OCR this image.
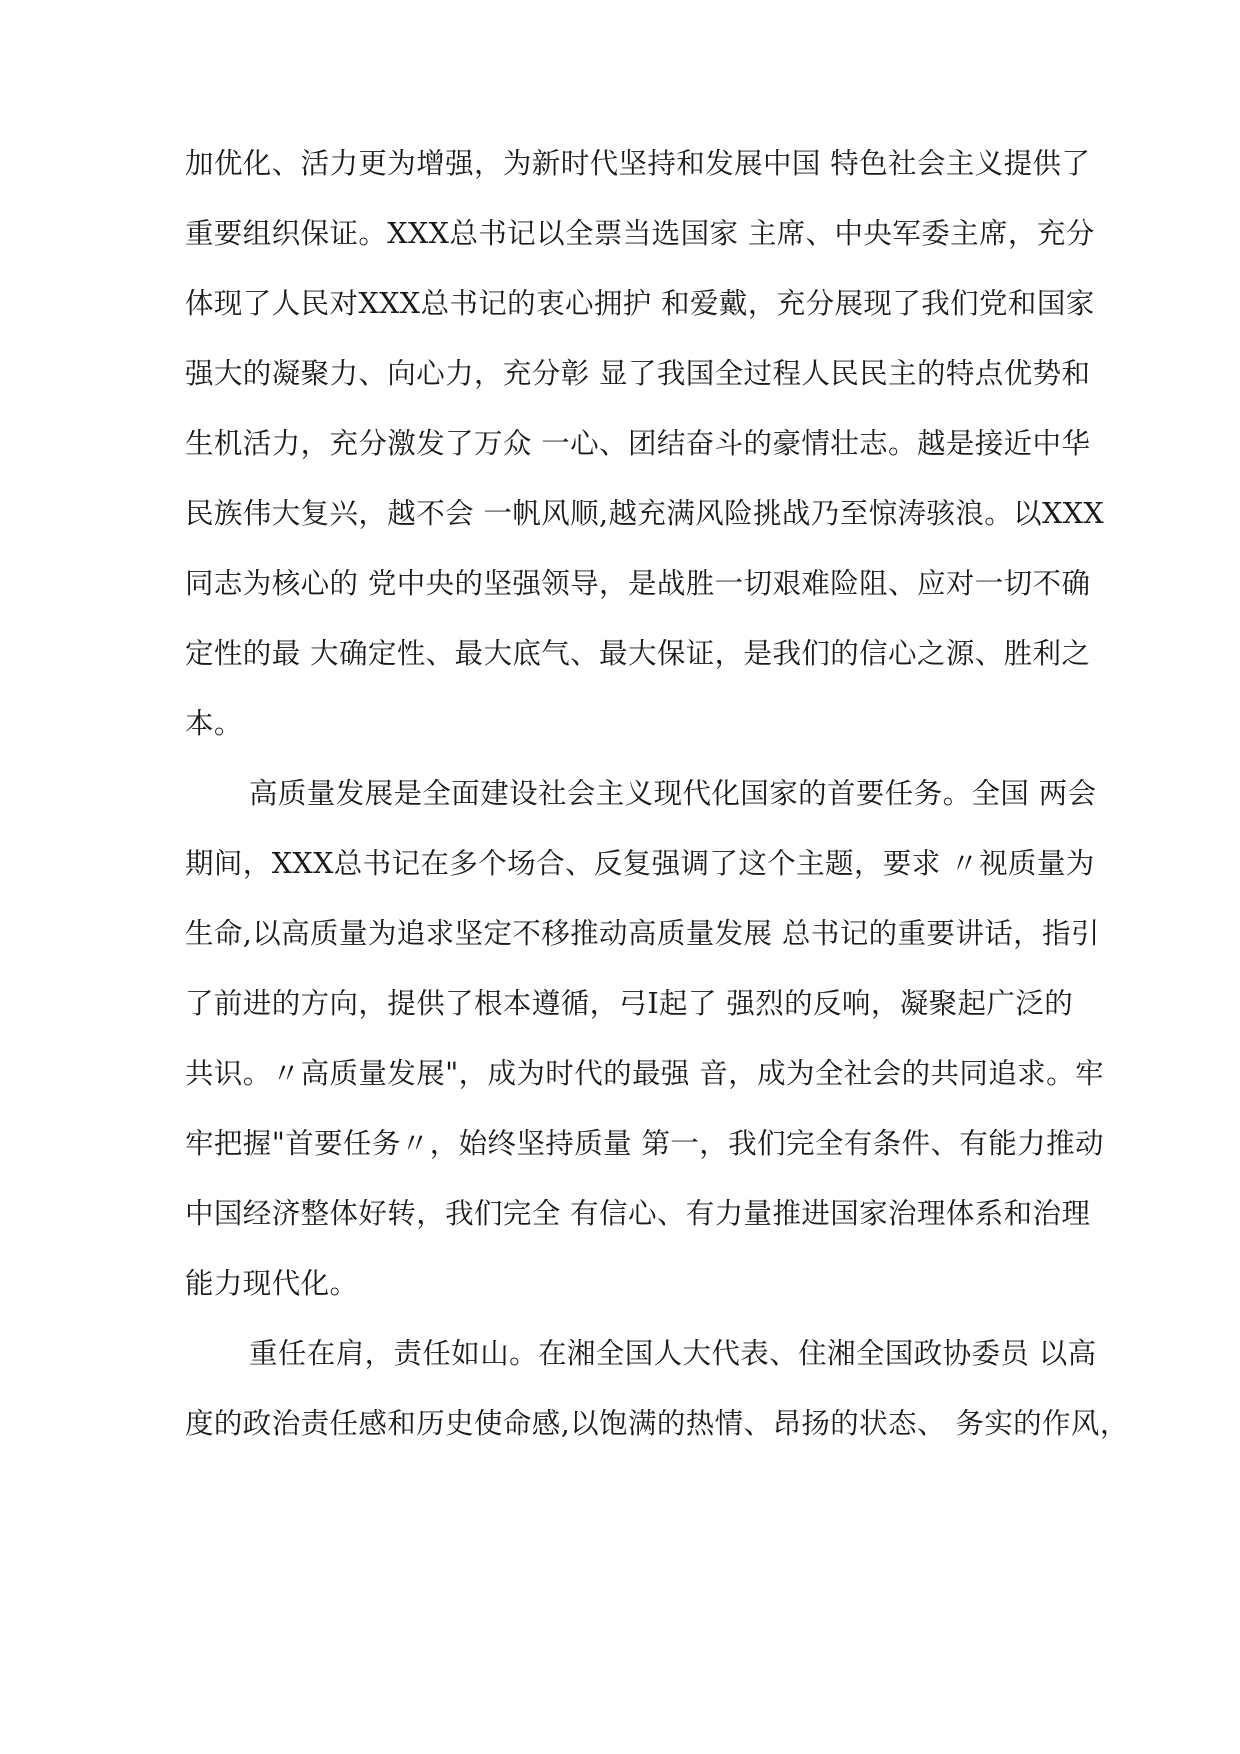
加优化、活力更为增强，为新时代坚持和发展中国 特色社会主义提供了
重要组织保证。XXX总书记以全票当选国家 主席、中央军委主席，充分
体现了人民对XXX总书记的衷心拥护 和爱戴，充分展现了我们党和国家
强大的凝聚力、向心力，充分彰 显了我国全过程人民民主的特点优势和
生机活力，充分激发了万众 一心、团结奋斗的豪情壮志。越是接近中华
民族伟大复兴，越不会 一帆风顺,越充满风险挑战乃至惊涛骇浪。以XXX
同志为核心的 党中央的坚强领导，是战胜一切艰难险阻、应对一切不确
定性的最 大确定性、最大底气、最大保证，是我们的信心之源、胜利之
本。
高质量发展是全面建设社会主义现代化国家的首要任务。全国 两会
期间，XXX总书记在多个场合、反复强调了这个主题，要求 〃视质量为
生命,以高质量为追求坚定不移推动高质量发展 总书记的重要讲话，指引
了前进的方向，提供了根本遵循，弓I起了 强烈的反响，凝聚起广泛的
共识。〃高质量发展"，成为时代的最强 音，成为全社会的共同追求。牢
牢把握"首要任务〃，始终坚持质量 第一，我们完全有条件、有能力推动
中国经济整体好转，我们完全 有信心、有力量推进国家治理体系和治理
能力现代化。
重任在肩，责任如山。在湘全国人大代表、住湘全国政协委员 以高
度的政治责任感和历史使命感,以饱满的热情、昂扬的状态、 务实的作风，
